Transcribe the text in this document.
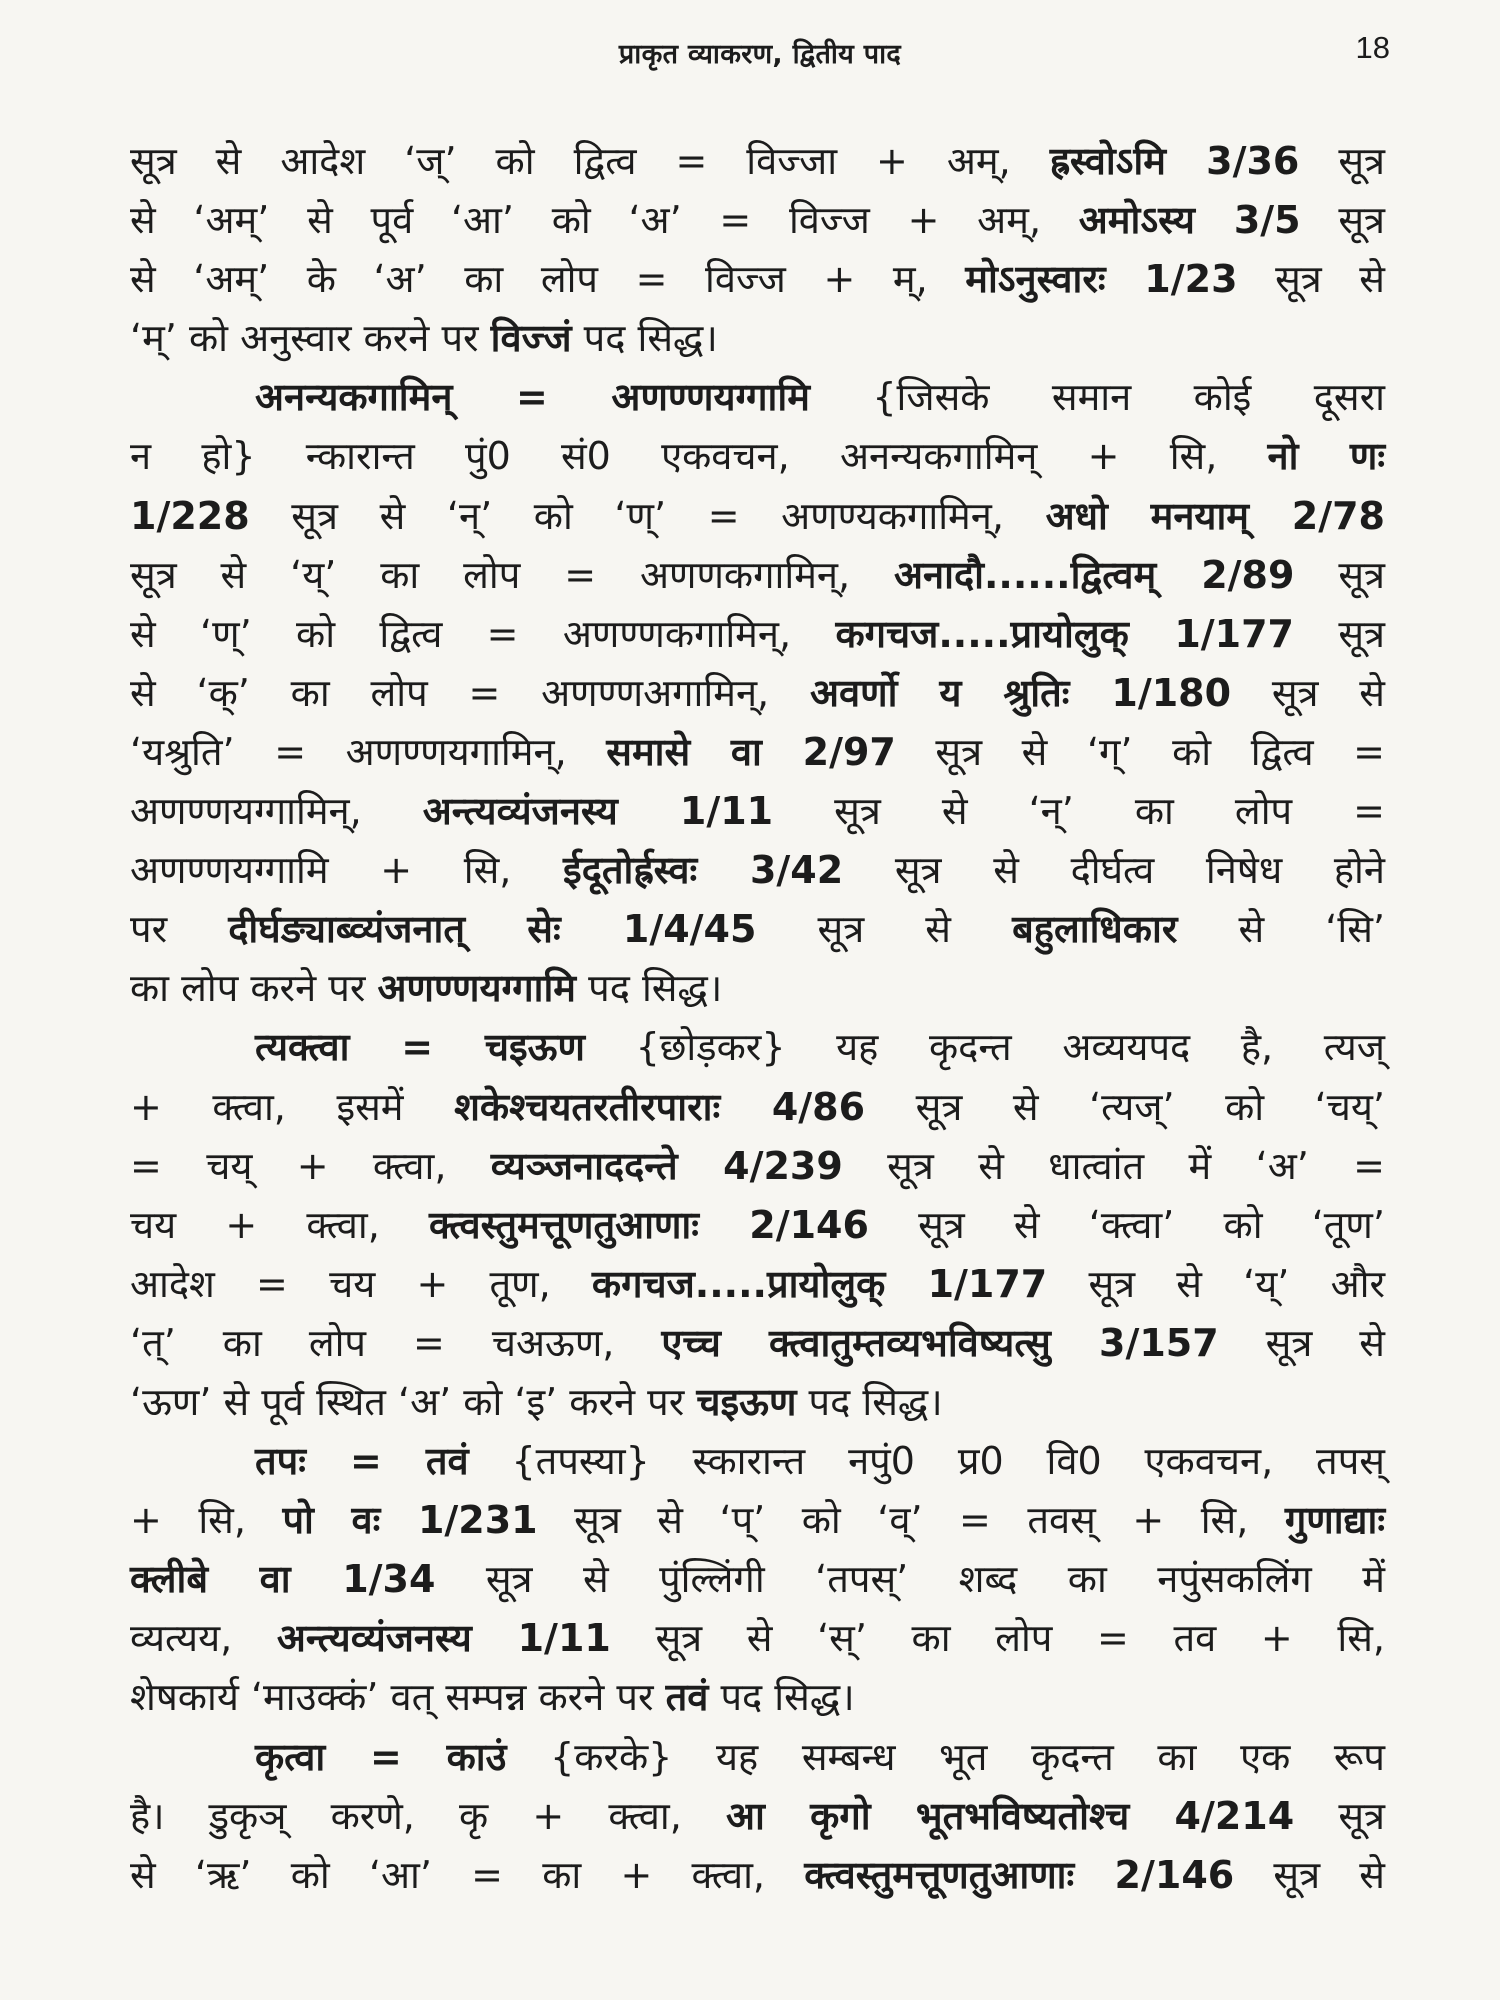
प्राकृत व्याकरण, द्वितीय पाद	18
सूत्र से आदेश ‘ज्’ को द्वित्व = विज्जा + अम्, ह्रस्वोऽमि 3/36 सूत्र
से ‘अम्’ से पूर्व ‘आ’ को ‘अ’ = विज्ज + अम्, अमोऽस्य 3/5 सूत्र
से ‘अम्’ के ‘अ’ का लोप = विज्ज + म्, मोऽनुस्वारः 1/23 सूत्र से
‘म्’ को अनुस्वार करने पर विज्जं पद सिद्ध।
अनन्यकगामिन् = अणण्णयग्गामि {जिसके समान कोई दूसरा
न हो} न्कारान्त पुं0 सं0 एकवचन, अनन्यकगामिन् + सि, नो णः
1/228 सूत्र से ‘न्’ को ‘ण्’ = अणण्यकगामिन्, अधो मनयाम् 2/78
सूत्र से ‘य्’ का लोप = अणणकगामिन्, अनादौ......द्वित्वम् 2/89 सूत्र
से ‘ण्’ को द्वित्व = अणण्णकगामिन्, कगचज.....प्रायोलुक् 1/177 सूत्र
से ‘क्’ का लोप = अणण्णअगामिन्, अवर्णो य श्रुतिः 1/180 सूत्र से
‘यश्रुति’ = अणण्णयगामिन्, समासे वा 2/97 सूत्र से ‘ग्’ को द्वित्व =
अणण्णयग्गामिन्, अन्त्यव्यंजनस्य 1/11 सूत्र से ‘न्’ का लोप =
अणण्णयग्गामि + सि, ईदूतोर्ह्रस्वः 3/42 सूत्र से दीर्घत्व निषेध होने
पर दीर्घङ्याब्व्यंजनात् सेः 1/4/45 सूत्र से बहुलाधिकार से ‘सि’
का लोप करने पर अणण्णयग्गामि पद सिद्ध।
त्यक्त्वा = चइऊण {छोड़कर} यह कृदन्त अव्ययपद है, त्यज्
+ क्त्वा, इसमें शकेश्चयतरतीरपाराः 4/86 सूत्र से ‘त्यज्’ को ‘चय्’
= चय् + क्त्वा, व्यञ्जनाददन्ते 4/239 सूत्र से धात्वांत में ‘अ’ =
चय + क्त्वा, क्त्वस्तुमत्तूणतुआणाः 2/146 सूत्र से ‘क्त्वा’ को ‘तूण’
आदेश = चय + तूण, कगचज.....प्रायोलुक् 1/177 सूत्र से ‘य्’ और
‘त्’ का लोप = चअऊण, एच्च क्त्वातुम्तव्यभविष्यत्सु 3/157 सूत्र से
‘ऊण’ से पूर्व स्थित ‘अ’ को ‘इ’ करने पर चइऊण पद सिद्ध।
तपः = तवं {तपस्या} स्कारान्त नपुं0 प्र0 वि0 एकवचन, तपस्
+ सि, पो वः 1/231 सूत्र से ‘प्’ को ‘व्’ = तवस् + सि, गुणाद्याः
क्लीबे वा 1/34 सूत्र से पुंल्लिंगी ‘तपस्’ शब्द का नपुंसकलिंग में
व्यत्यय, अन्त्यव्यंजनस्य 1/11 सूत्र से ‘स्’ का लोप = तव + सि,
शेषकार्य ‘माउक्कं’ वत् सम्पन्न करने पर तवं पद सिद्ध।
कृत्वा = काउं {करके} यह सम्बन्ध भूत कृदन्त का एक रूप
है। डुकृञ् करणे, कृ + क्त्वा, आ कृगो भूतभविष्यतोश्च 4/214 सूत्र
से ‘ऋ’ को ‘आ’ = का + क्त्वा, क्त्वस्तुमत्तूणतुआणाः 2/146 सूत्र से
